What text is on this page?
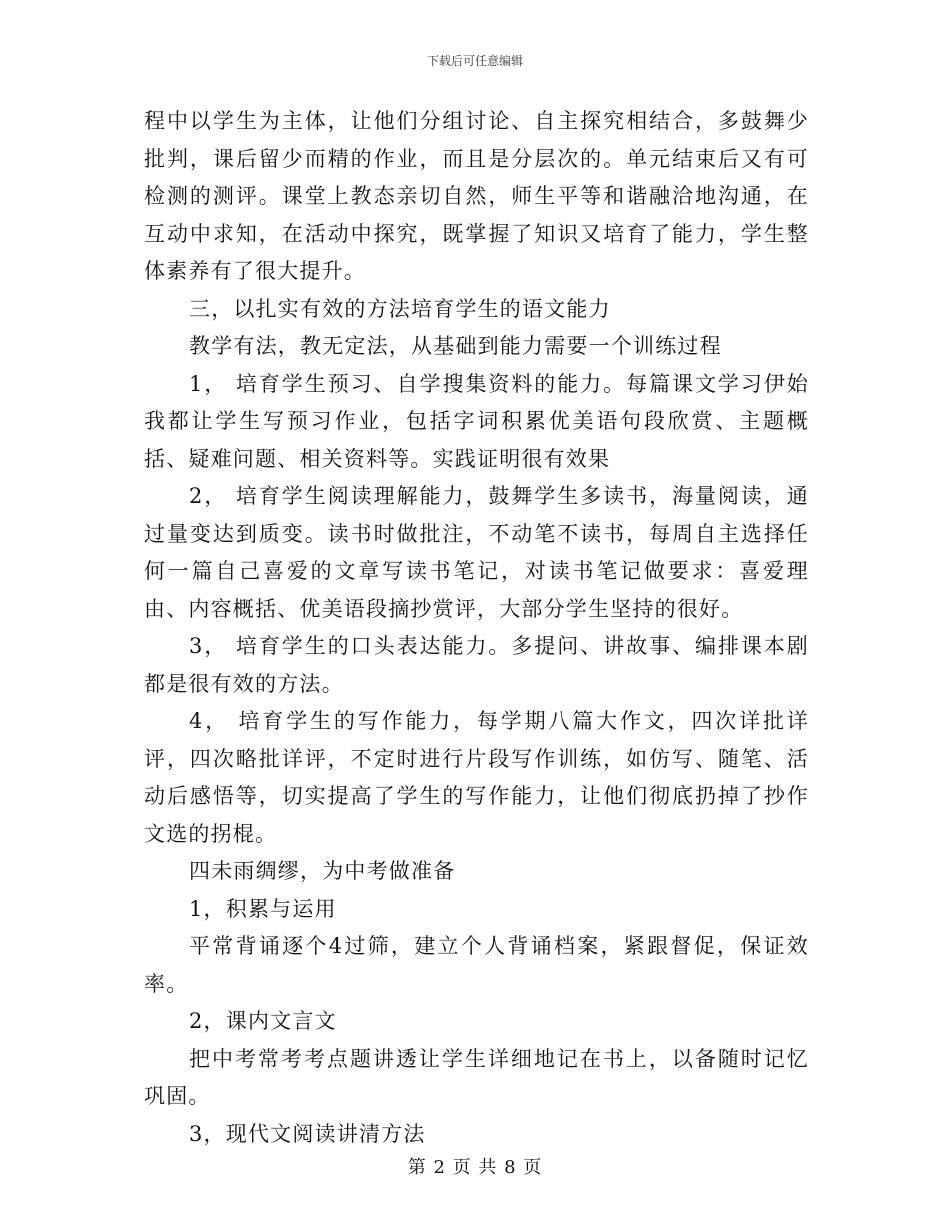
下载后可任意编辑

程中以学生为主体，让他们分组讨论、自主探究相结合，多鼓舞少批判，课后留少而精的作业，而且是分层次的。单元结束后又有可检测的测评。课堂上教态亲切自然，师生平等和谐融洽地沟通，在互动中求知，在活动中探究，既掌握了知识又培育了能力，学生整体素养有了很大提升。

三，以扎实有效的方法培育学生的语文能力

教学有法，教无定法，从基础到能力需要一个训练过程

1， 培育学生预习、自学搜集资料的能力。每篇课文学习伊始我都让学生写预习作业，包括字词积累优美语句段欣赏、主题概括、疑难问题、相关资料等。实践证明很有效果

2， 培育学生阅读理解能力，鼓舞学生多读书，海量阅读，通过量变达到质变。读书时做批注，不动笔不读书，每周自主选择任何一篇自己喜爱的文章写读书笔记，对读书笔记做要求：喜爱理由、内容概括、优美语段摘抄赏评，大部分学生坚持的很好。

3， 培育学生的口头表达能力。多提问、讲故事、编排课本剧都是很有效的方法。

4， 培育学生的写作能力，每学期八篇大作文，四次详批详评，四次略批详评，不定时进行片段写作训练，如仿写、随笔、活动后感悟等，切实提高了学生的写作能力，让他们彻底扔掉了抄作文选的拐棍。

四未雨绸缪，为中考做准备

1，积累与运用

平常背诵逐个4过筛，建立个人背诵档案，紧跟督促，保证效率。

2，课内文言文

把中考常考考点题讲透让学生详细地记在书上，以备随时记忆巩固。

3，现代文阅读讲清方法

第 2 页 共 8 页
